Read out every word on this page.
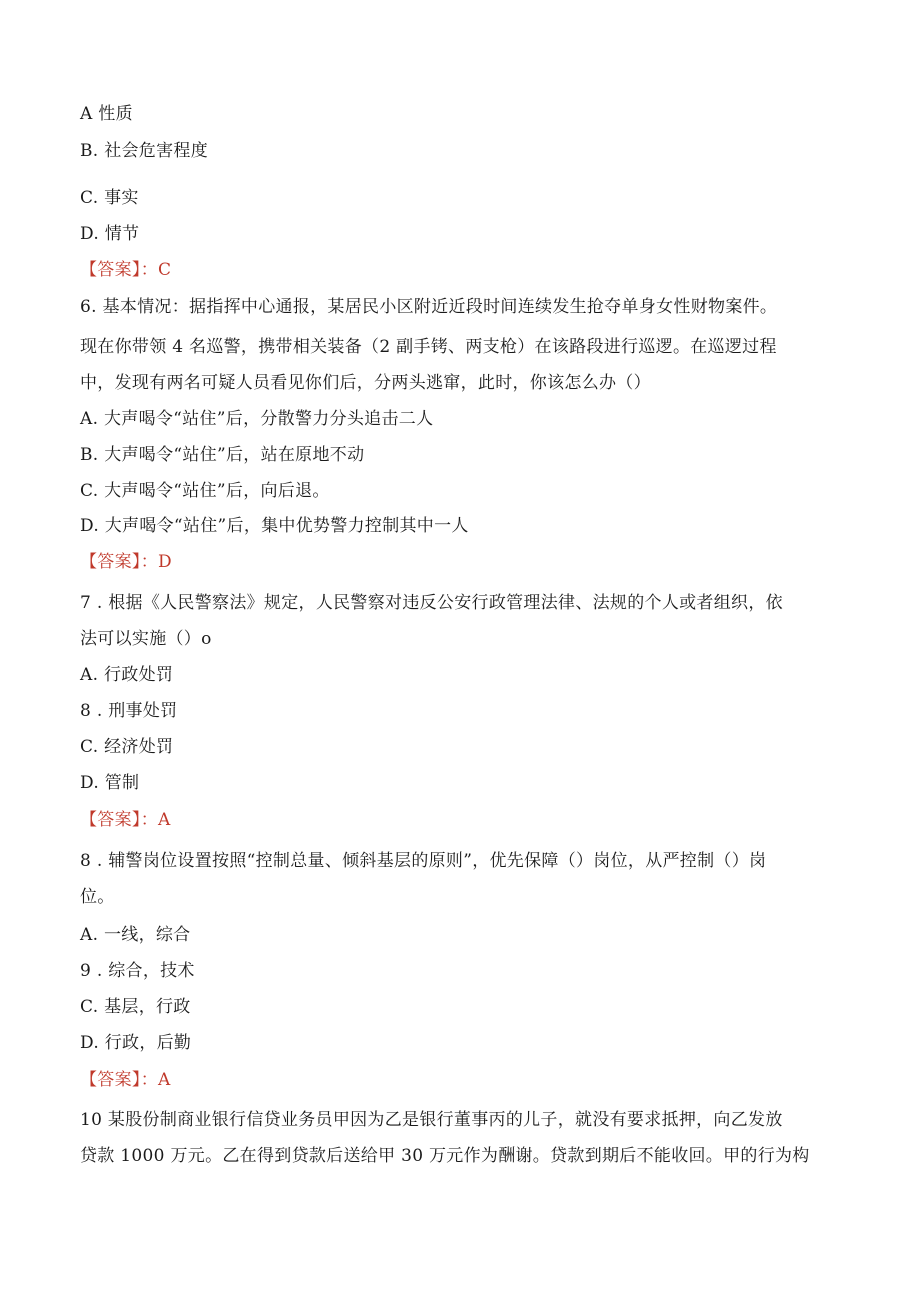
A 性质
B. 社会危害程度
C. 事实
D. 情节
【答案】：C
6. 基本情况：据指挥中心通报，某居民小区附近近段时间连续发生抢夺单身女性财物案件。
现在你带领 4 名巡警，携带相关装备（2 副手铐、两支枪）在该路段进行巡逻。在巡逻过程
中，发现有两名可疑人员看见你们后，分两头逃窜，此时，你该怎么办（）
A. 大声喝令“站住”后，分散警力分头追击二人
B. 大声喝令“站住”后，站在原地不动
C. 大声喝令“站住”后，向后退。
D. 大声喝令“站住”后，集中优势警力控制其中一人
【答案】：D
7 . 根据《人民警察法》规定，人民警察对违反公安行政管理法律、法规的个人或者组织，依
法可以实施（）o
A. 行政处罚
8 . 刑事处罚
C. 经济处罚
D. 管制
【答案】：A
8 . 辅警岗位设置按照“控制总量、倾斜基层的原则”，优先保障（）岗位，从严控制（）岗
位。
A. 一线，综合
9 . 综合，技术
C. 基层，行政
D. 行政，后勤
【答案】：A
10 某股份制商业银行信贷业务员甲因为乙是银行董事丙的儿子，就没有要求抵押，向乙发放
贷款 1000 万元。乙在得到贷款后送给甲 30 万元作为酬谢。贷款到期后不能收回。甲的行为构
